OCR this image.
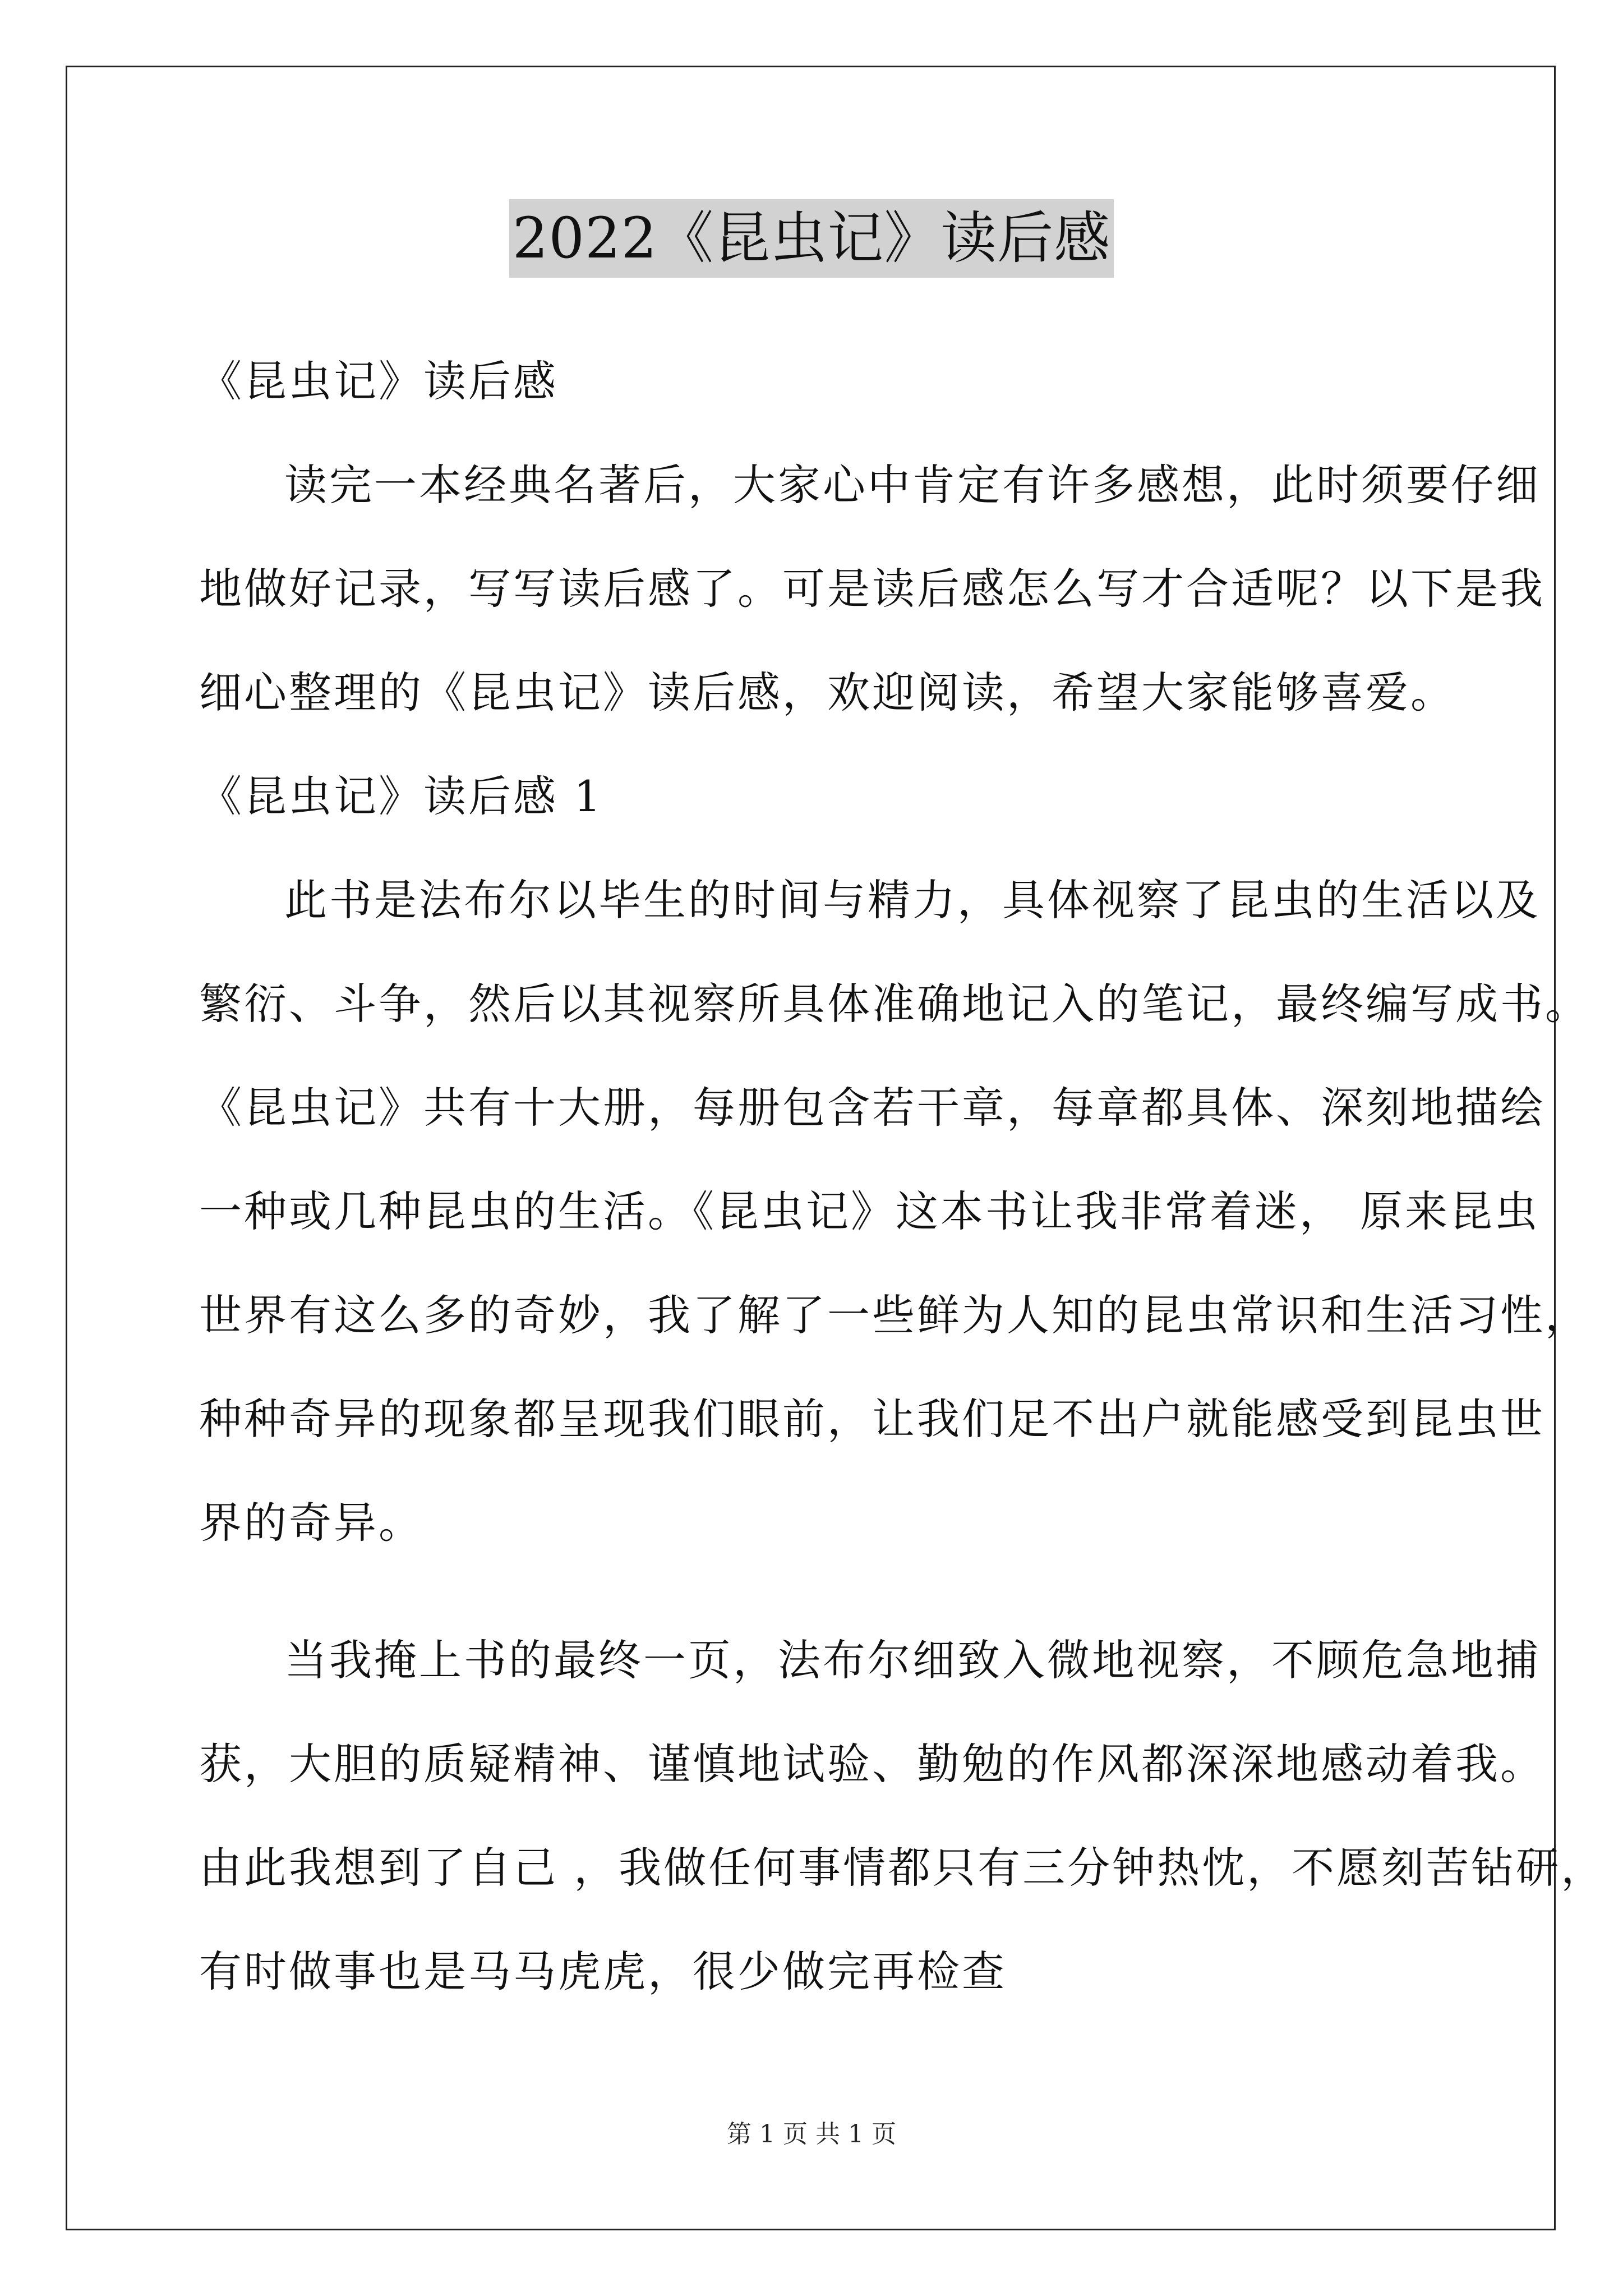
2022《昆虫记》读后感
《昆虫记》读后感
读完一本经典名著后，大家心中肯定有许多感想，此时须要仔细
地做好记录，写写读后感了。可是读后感怎么写才合适呢？以下是我
细心整理的《昆虫记》读后感，欢迎阅读，希望大家能够喜爱。
《昆虫记》读后感 1
此书是法布尔以毕生的时间与精力，具体视察了昆虫的生活以及
繁衍、斗争，然后以其视察所具体准确地记入的笔记，最终编写成书。
《昆虫记》共有十大册，每册包含若干章，每章都具体、深刻地描绘
一种或几种昆虫的生活。《昆虫记》这本书让我非常着迷， 原来昆虫
世界有这么多的奇妙，我了解了一些鲜为人知的昆虫常识和生活习性，
种种奇异的现象都呈现我们眼前，让我们足不出户就能感受到昆虫世
界的奇异。
当我掩上书的最终一页，法布尔细致入微地视察，不顾危急地捕
获，大胆的质疑精神、谨慎地试验、勤勉的作风都深深地感动着我。
由此我想到了自己 ，我做任何事情都只有三分钟热忱，不愿刻苦钻研，
有时做事也是马马虎虎，很少做完再检查
第 1 页 共 1 页
